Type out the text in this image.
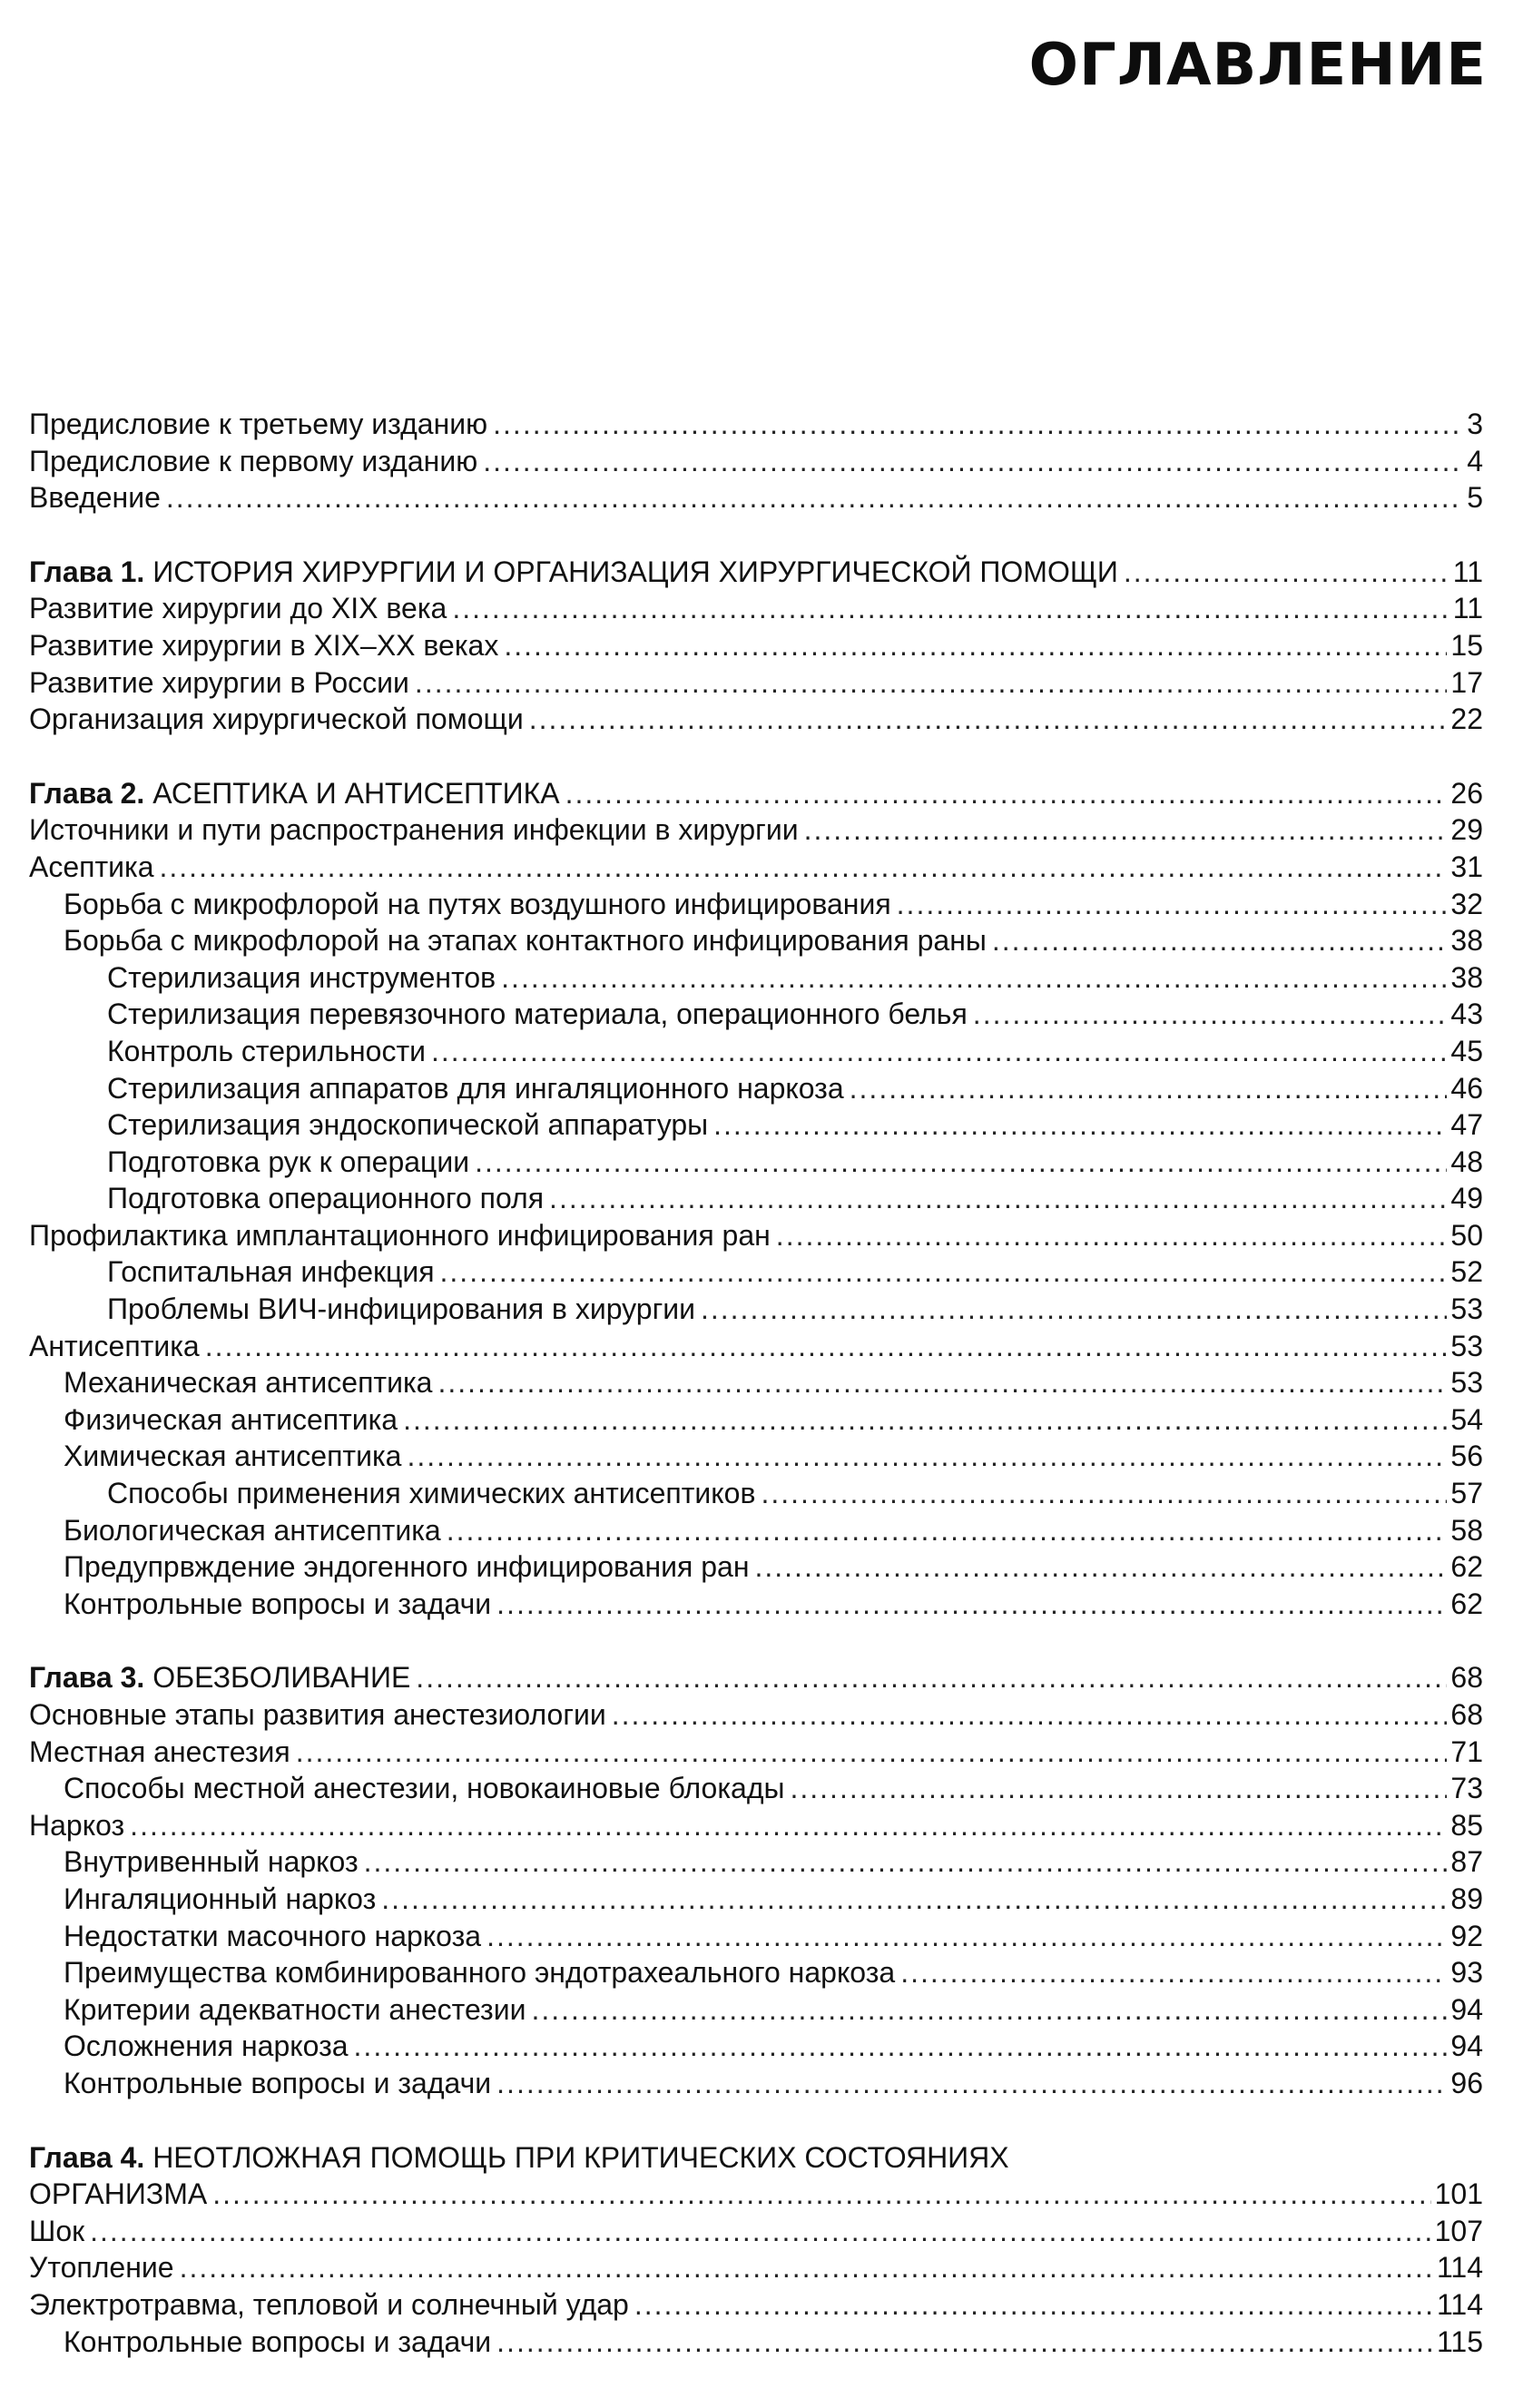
ОГЛАВЛЕНИЕ
Предисловие к третьему изданию .....	3
Предисловие к первому изданию .....	4
Введение .....	5
Глава 1. ИСТОРИЯ ХИРУРГИИ И ОРГАНИЗАЦИЯ ХИРУРГИЧЕСКОЙ ПОМОЩИ .....	11
Развитие хирургии до XIX века .....	11
Развитие хирургии в XIX–XX веках .....	15
Развитие хирургии в России .....	17
Организация хирургической помощи .....	22
Глава 2. АСЕПТИКА И АНТИСЕПТИКА .....	26
Источники и пути распространения инфекции в хирургии .....	29
Асептика .....	31
Борьба с микрофлорой на путях воздушного инфицирования .....	32
Борьба с микрофлорой на этапах контактного инфицирования раны .....	38
Стерилизация инструментов .....	38
Стерилизация перевязочного материала, операционного белья .....	43
Контроль стерильности .....	45
Стерилизация аппаратов для ингаляционного наркоза .....	46
Стерилизация эндоскопической аппаратуры .....	47
Подготовка рук к операции .....	48
Подготовка операционного поля .....	49
Профилактика имплантационного инфицирования ран .....	50
Госпитальная инфекция .....	52
Проблемы ВИЧ-инфицирования в хирургии .....	53
Антисептика .....	53
Механическая антисептика .....	53
Физическая антисептика .....	54
Химическая антисептика .....	56
Способы применения химических антисептиков .....	57
Биологическая антисептика .....	58
Предупрвждение эндогенного инфицирования ран .....	62
Контрольные вопросы и задачи .....	62
Глава 3. ОБЕЗБОЛИВАНИЕ .....	68
Основные этапы развития анестезиологии .....	68
Местная анестезия .....	71
Способы местной анестезии, новокаиновые блокады .....	73
Наркоз .....	85
Внутривенный наркоз .....	87
Ингаляционный наркоз .....	89
Недостатки масочного наркоза .....	92
Преимущества комбинированного эндотрахеального наркоза .....	93
Критерии адекватности анестезии .....	94
Осложнения наркоза .....	94
Контрольные вопросы и задачи .....	96
Глава 4. НЕОТЛОЖНАЯ ПОМОЩЬ ПРИ КРИТИЧЕСКИХ СОСТОЯНИЯХ
ОРГАНИЗМА .....	101
Шок .....	107
Утопление .....	114
Электротравма, тепловой и солнечный удар .....	114
Контрольные вопросы и задачи .....	115
